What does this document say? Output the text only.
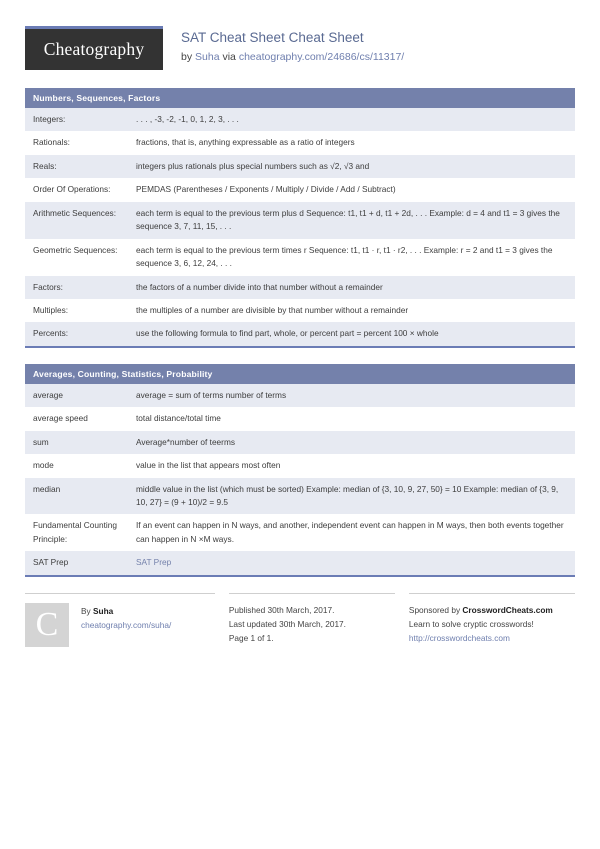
Cheatography
SAT Cheat Sheet Cheat Sheet
by Suha via cheatography.com/24686/cs/11317/
Numbers, Sequences, Factors
Integers:	. . . , -3, -2, -1, 0, 1, 2, 3, . . .
Rationals:	fractions, that is, anything expressable as a ratio of integers
Reals:	integers plus rationals plus special numbers such as √2, √3 and
Order Of Operations:	PEMDAS (Parentheses / Exponents / Multiply / Divide / Add / Subtract)
Arithmetic Sequences:	each term is equal to the previous term plus d Sequence: t1, t1 + d, t1 + 2d, . . . Example: d = 4 and t1 = 3 gives the sequence 3, 7, 11, 15, . . .
Geometric Sequences:	each term is equal to the previous term times r Sequence: t1, t1 · r, t1 · r2, . . . Example: r = 2 and t1 = 3 gives the sequence 3, 6, 12, 24, . . .
Factors:	the factors of a number divide into that number without a remainder
Multiples:	the multiples of a number are divisible by that number without a remainder
Percents:	use the following formula to find part, whole, or percent part = percent 100 × whole
Averages, Counting, Statistics, Probability
average	average = sum of terms number of terms
average speed	total distance/total time
sum	Average*number of teerms
mode	value in the list that appears most often
median	middle value in the list (which must be sorted) Example: median of {3, 10, 9, 27, 50} = 10 Example: median of {3, 9, 10, 27} = (9 + 10)/2 = 9.5
Fundamental Counting Principle:
If an event can happen in N ways, and another, independent event can happen in M ways, then both events together can happen in N ×M ways.
SAT Prep	SAT Prep
C	By Suha
cheatography.com/suha/
Published 30th March, 2017.
Last updated 30th March, 2017.
Page 1 of 1.
Sponsored by CrosswordCheats.com
Learn to solve cryptic crosswords!
http://crosswordcheats.com
